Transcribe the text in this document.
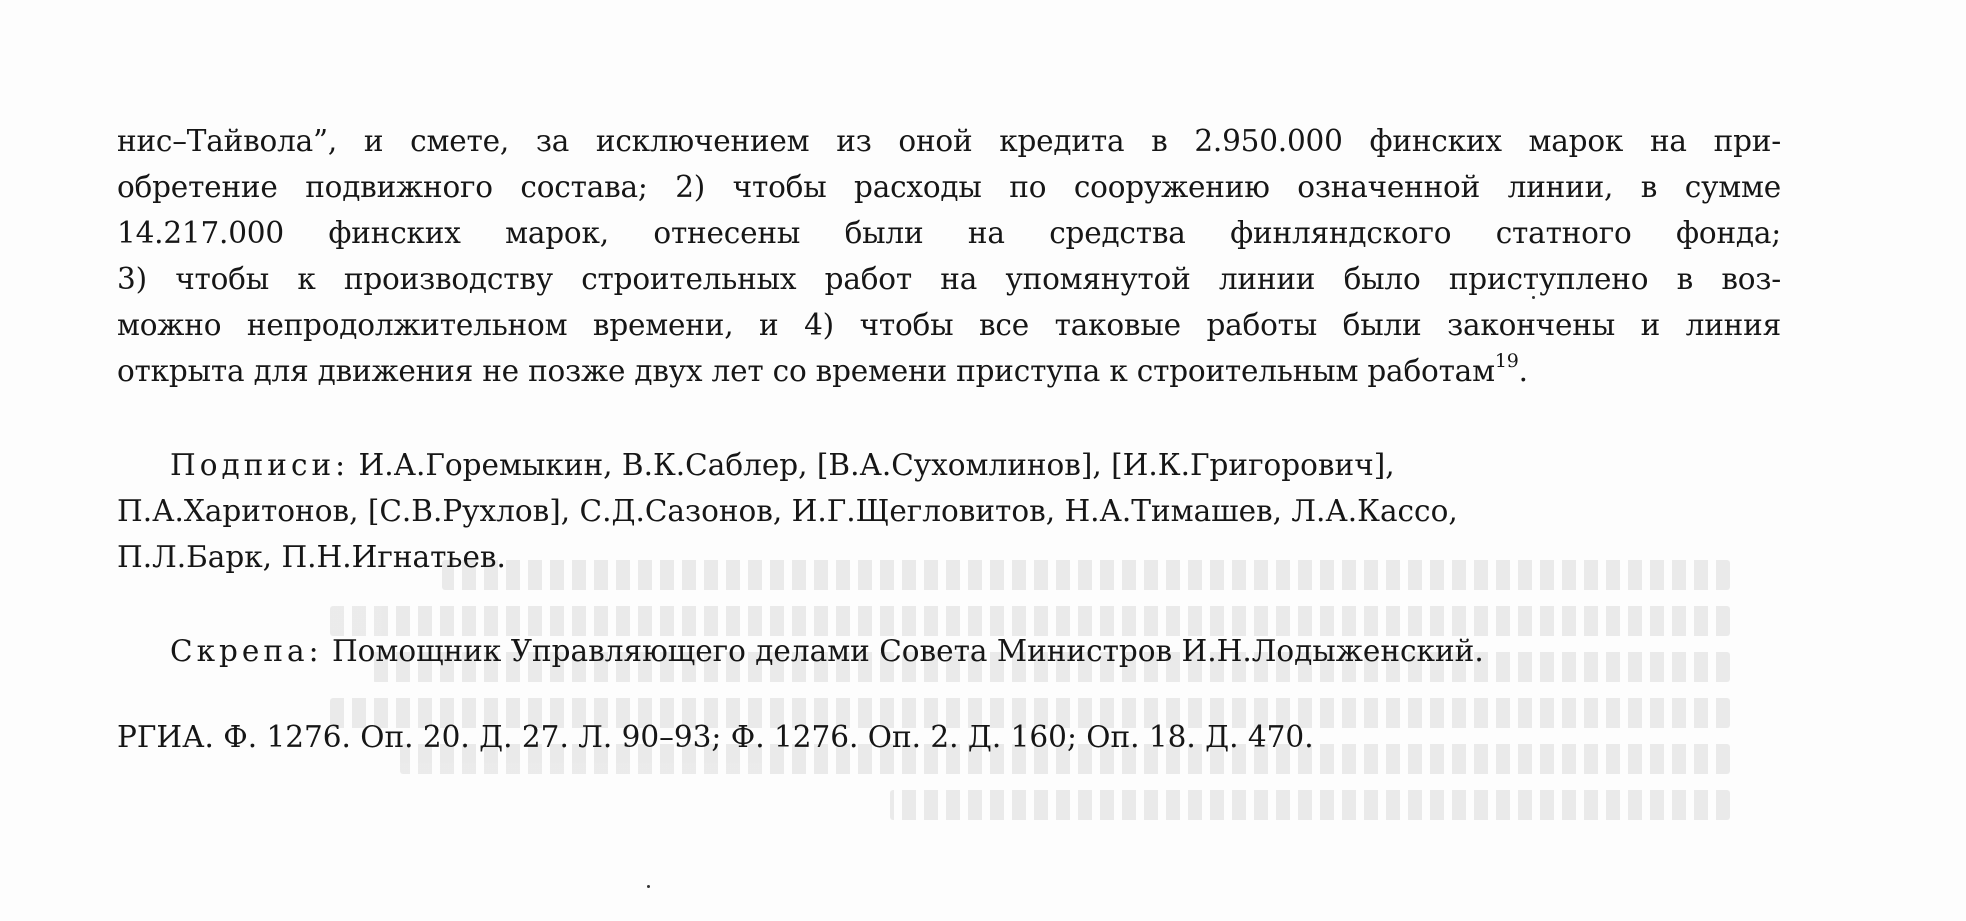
нис–Тайвола”, и смете, за исключением из оной кредита в 2.950.000 финских марок на при-
обретение подвижного состава; 2) чтобы расходы по сооружению означенной линии, в сумме
14.217.000 финских марок, отнесены были на средства финляндского статного фонда;
3) чтобы к производству строительных работ на упомянутой линии было приступлено в воз-
можно непродолжительном времени, и 4) чтобы все таковые работы были закончены и линия
открыта для движения не позже двух лет со времени приступа к строительным работам$^{19}$.
Подписи: И.А.Горемыкин, В.К.Саблер, [В.А.Сухомлинов], [И.К.Григорович],
П.А.Харитонов, [С.В.Рухлов], С.Д.Сазонов, И.Г.Щегловитов, Н.А.Тимашев, Л.А.Кассо,
П.Л.Барк, П.Н.Игнатьев.
Скрепа: Помощник Управляющего делами Совета Министров И.Н.Лодыженский.
РГИА. Ф. 1276. Оп. 20. Д. 27. Л. 90–93; Ф. 1276. Оп. 2. Д. 160; Оп. 18. Д. 470.
